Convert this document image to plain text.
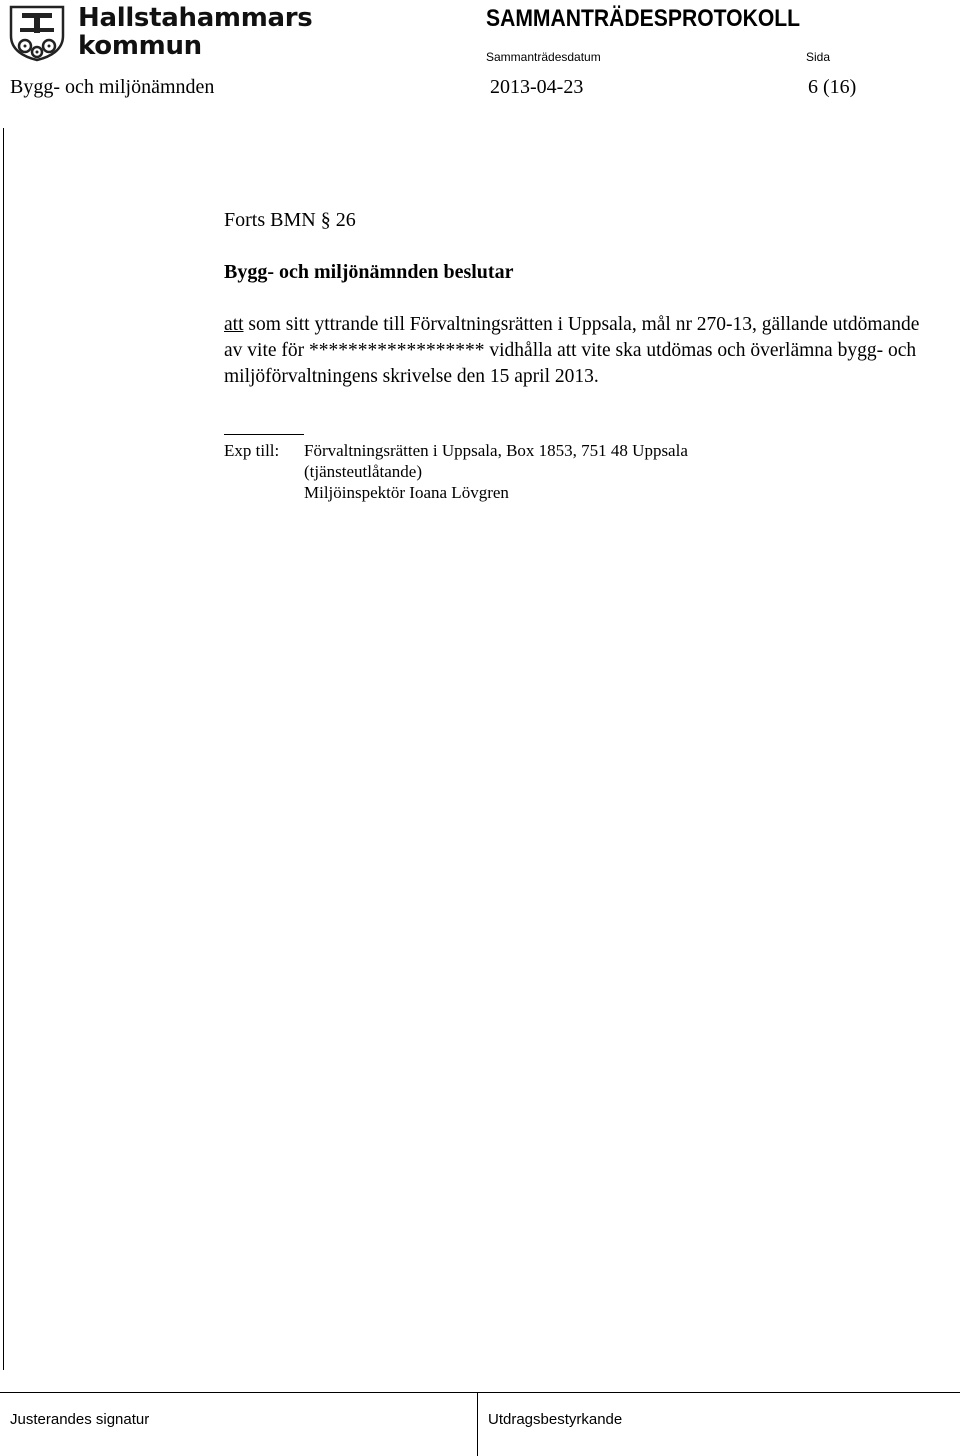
Hallstahammars
kommun
SAMMANTRÄDESPROTOKOLL
Sammanträdesdatum	Sida
Bygg- och miljönämnden	2013-04-23	6 (16)
Forts BMN § 26
Bygg- och miljönämnden beslutar
att som sitt yttrande till Förvaltningsrätten i Uppsala, mål nr 270-13, gällande utdömande av vite för ****************** vidhålla att vite ska utdömas och överlämna bygg- och miljöförvaltningens skrivelse den 15 april 2013.
Exp till: Förvaltningsrätten i Uppsala, Box 1853, 751 48 Uppsala
(tjänsteutlåtande)
Miljöinspektör Ioana Lövgren
Justerandes signatur	Utdragsbestyrkande
